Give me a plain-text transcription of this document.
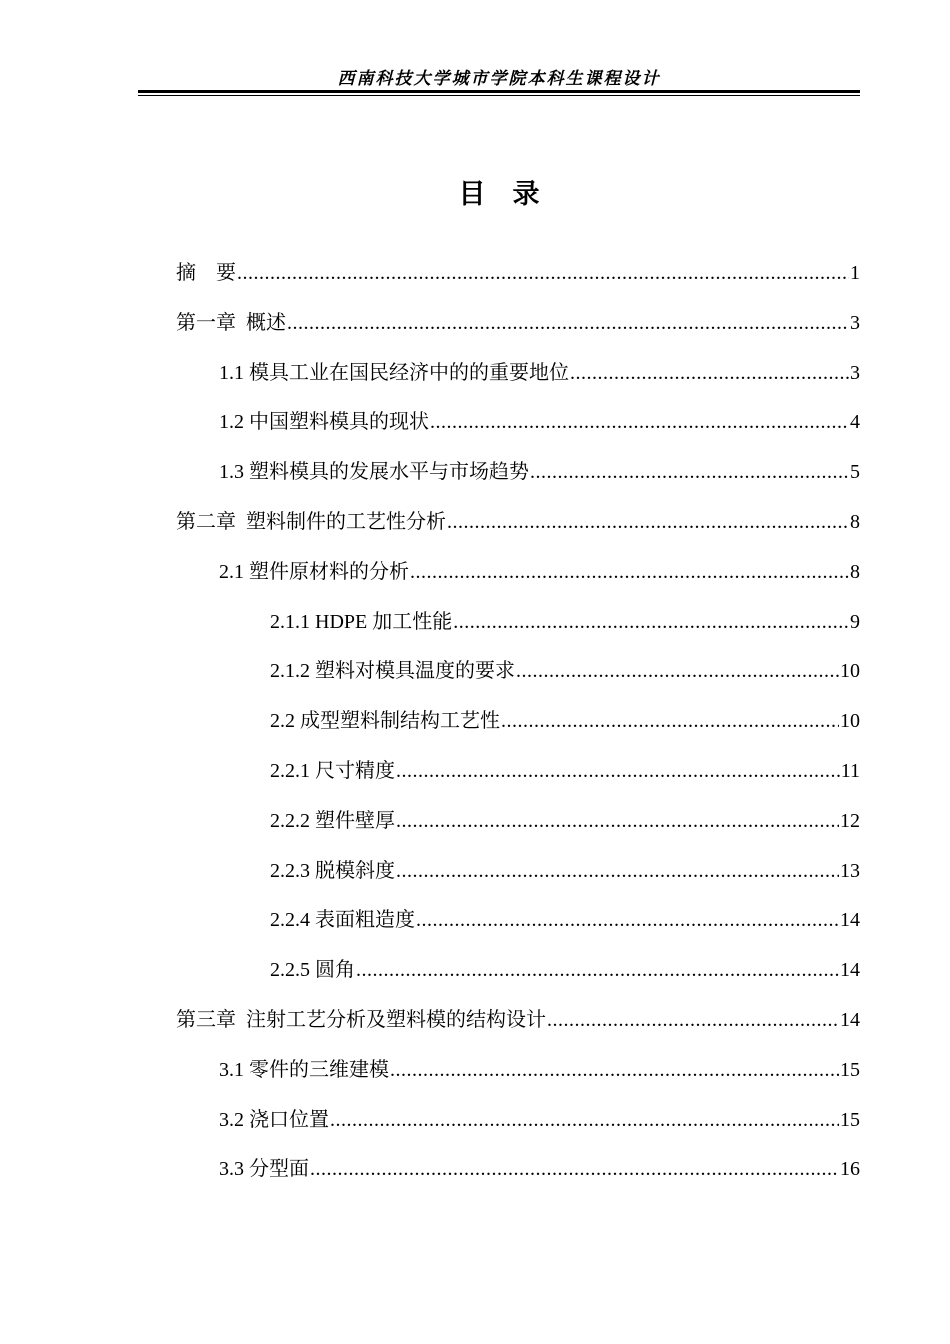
西南科技大学城市学院本科生课程设计
目　录
摘　要 .....	1
第一章  概述 .....	3
1.1 模具工业在国民经济中的的重要地位 .....	3
1.2 中国塑料模具的现状 .....	4
1.3 塑料模具的发展水平与市场趋势 .....	5
第二章  塑料制件的工艺性分析 .....	8
2.1 塑件原材料的分析 .....	8
2.1.1 HDPE 加工性能 .....	9
2.1.2 塑料对模具温度的要求 .....	10
2.2 成型塑料制结构工艺性 .....	10
2.2.1 尺寸精度 .....	11
2.2.2 塑件壁厚 .....	12
2.2.3 脱模斜度 .....	13
2.2.4 表面粗造度 .....	14
2.2.5 圆角 .....	14
第三章  注射工艺分析及塑料模的结构设计 .....	14
3.1 零件的三维建模 .....	15
3.2 浇口位置 .....	15
3.3 分型面 .....	16
